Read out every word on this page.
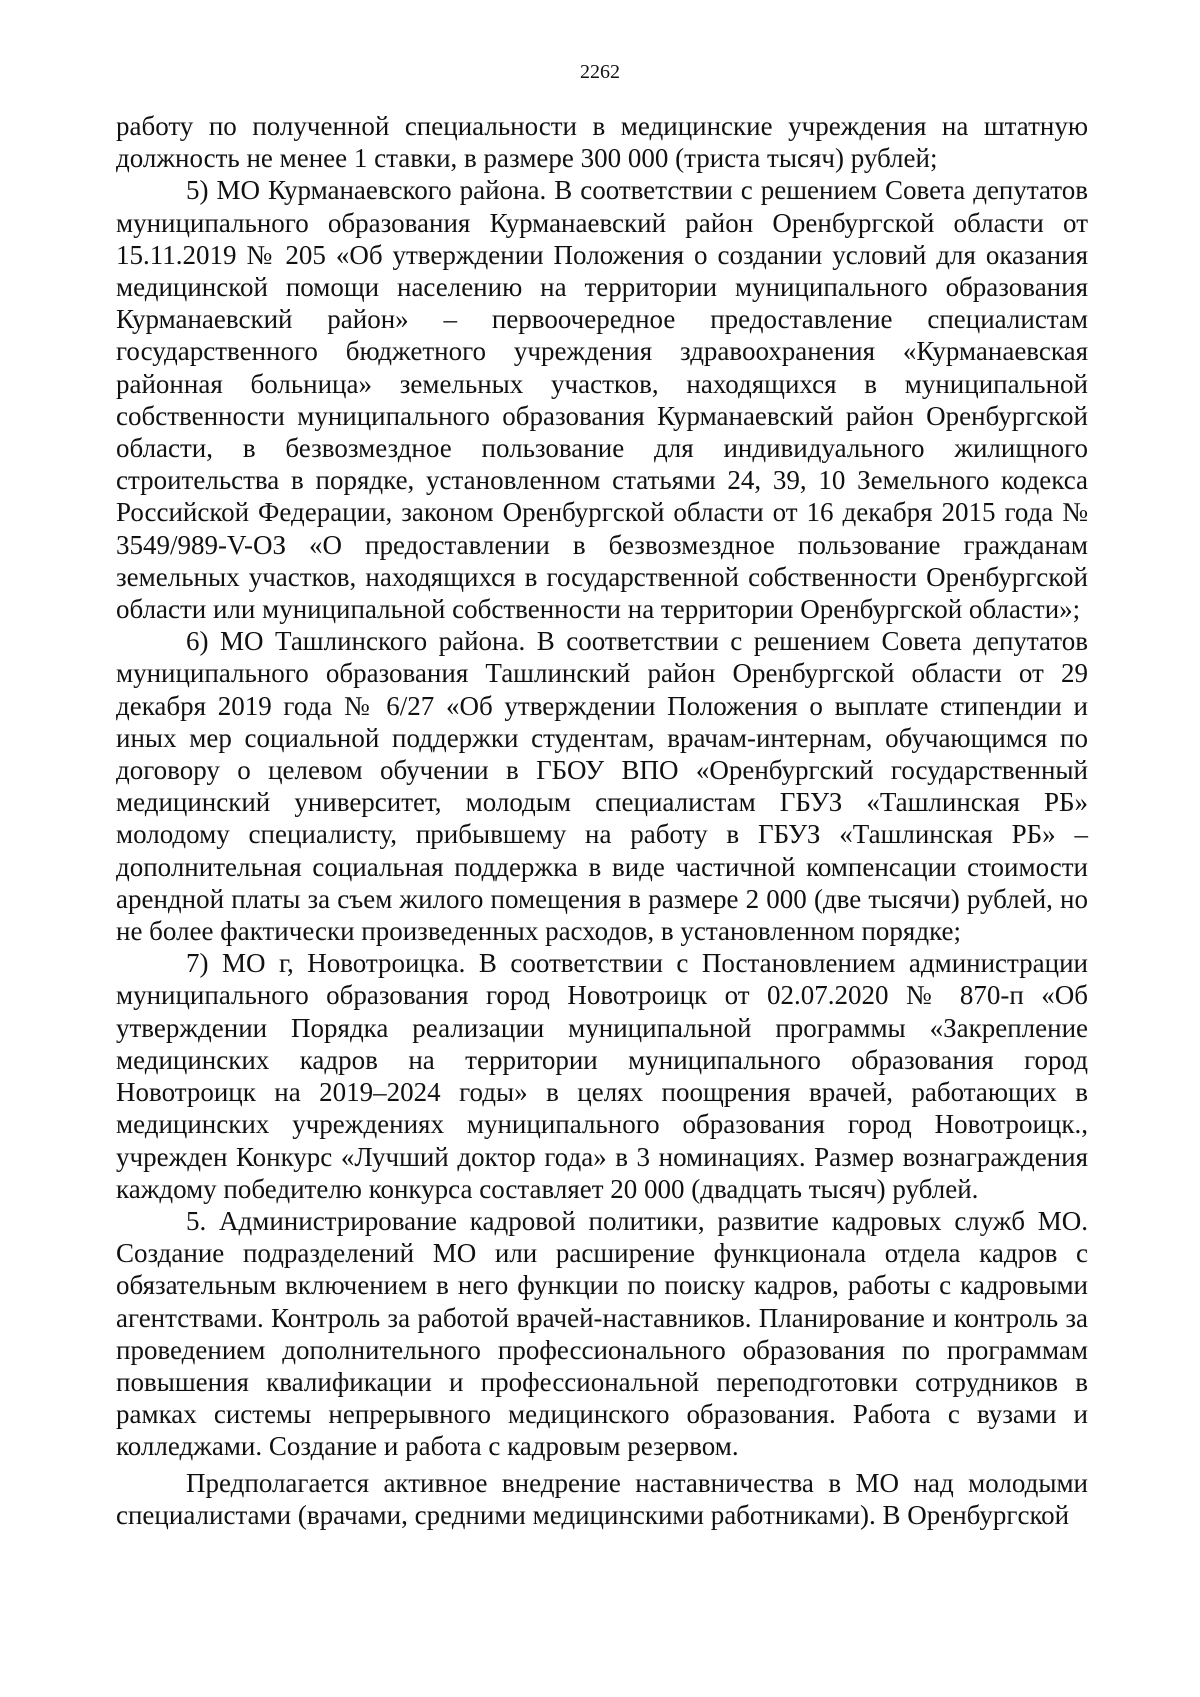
2262

работу по полученной специальности в медицинские учреждения на штатную должность не менее 1 ставки, в размере 300 000 (триста тысяч) рублей;

5) МО Курманаевского района. В соответствии с решением Совета депутатов муниципального образования Курманаевский район Оренбургской области от 15.11.2019 № 205 «Об утверждении Положения о создании условий для оказания медицинской помощи населению на территории муниципального образования Курманаевский район» – первоочередное предоставление специалистам государственного бюджетного учреждения здравоохранения «Курманаевская районная больница» земельных участков, находящихся в муниципальной собственности муниципального образования Курманаевский район Оренбургской области, в безвозмездное пользование для индивидуального жилищного строительства в порядке, установленном статьями 24, 39, 10 Земельного кодекса Российской Федерации, законом Оренбургской области от 16 декабря 2015 года № 3549/989-V-ОЗ «О предоставлении в безвозмездное пользование гражданам земельных участков, находящихся в государственной собственности Оренбургской области или муниципальной собственности на территории Оренбургской области»;

6) МО Ташлинского района. В соответствии с решением Совета депутатов муниципального образования Ташлинский район Оренбургской области от 29 декабря 2019 года № 6/27 «Об утверждении Положения о выплате стипендии и иных мер социальной поддержки студентам, врачам-интернам, обучающимся по договору о целевом обучении в ГБОУ ВПО «Оренбургский государственный медицинский университет, молодым специалистам ГБУЗ «Ташлинская РБ» молодому специалисту, прибывшему на работу в ГБУЗ «Ташлинская РБ» – дополнительная социальная поддержка в виде частичной компенсации стоимости арендной платы за съем жилого помещения в размере 2 000 (две тысячи) рублей, но не более фактически произведенных расходов, в установленном порядке;

7) МО г, Новотроицка. В соответствии с Постановлением администрации муниципального образования город Новотроицк от 02.07.2020 № 870-п «Об утверждении Порядка реализации муниципальной программы «Закрепление медицинских кадров на территории муниципального образования город Новотроицк на 2019–2024 годы» в целях поощрения врачей, работающих в медицинских учреждениях муниципального образования город Новотроицк., учрежден Конкурс «Лучший доктор года» в 3 номинациях. Размер вознаграждения каждому победителю конкурса составляет 20 000 (двадцать тысяч) рублей.

5. Администрирование кадровой политики, развитие кадровых служб МО. Создание подразделений МО или расширение функционала отдела кадров с обязательным включением в него функции по поиску кадров, работы с кадровыми агентствами. Контроль за работой врачей-наставников. Планирование и контроль за проведением дополнительного профессионального образования по программам повышения квалификации и профессиональной переподготовки сотрудников в рамках системы непрерывного медицинского образования. Работа с вузами и колледжами. Создание и работа с кадровым резервом.

Предполагается активное внедрение наставничества в МО над молодыми специалистами (врачами, средними медицинскими работниками). В Оренбургской
